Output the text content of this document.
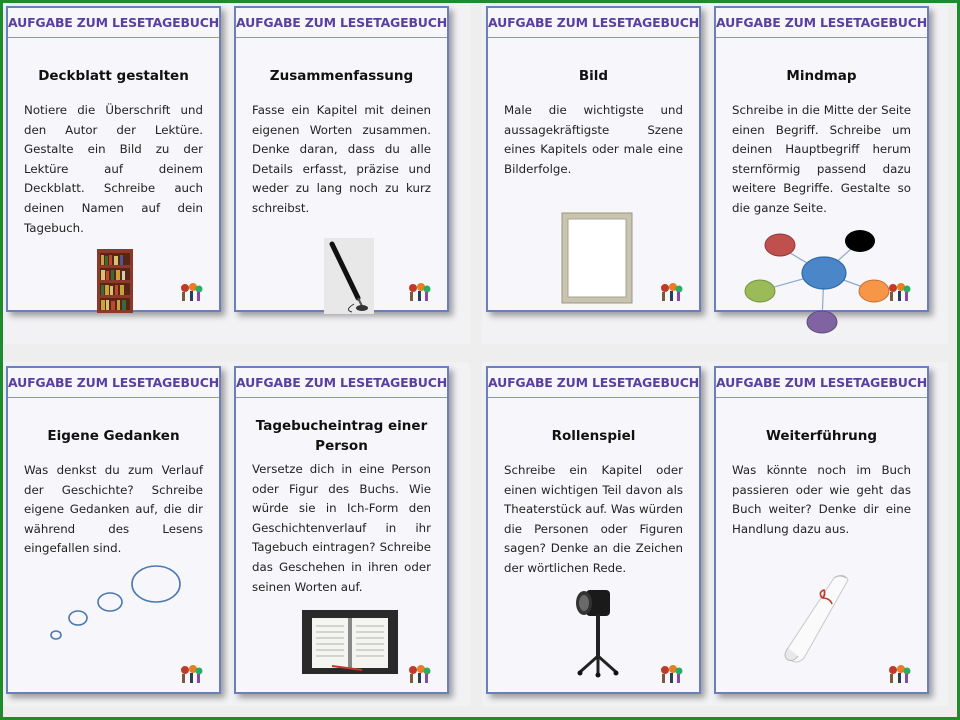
AUFGABE ZUM LESETAGEBUCH
Deckblatt gestalten
Notiere die Überschrift und den Autor der Lektüre. Gestalte ein Bild zu der Lektüre auf deinem Deckblatt. Schreibe auch deinen Namen auf dein Tagebuch.
AUFGABE ZUM LESETAGEBUCH
Zusammenfassung
Fasse ein Kapitel mit deinen eigenen Worten zusammen. Denke daran, dass du alle Details erfasst, präzise und weder zu lang noch zu kurz schreibst.
AUFGABE ZUM LESETAGEBUCH
Bild
Male die wichtigste und aussagekräftigste Szene eines Kapitels oder male eine Bilderfolge.
AUFGABE ZUM LESETAGEBUCH
Mindmap
Schreibe in die Mitte der Seite einen Begriff. Schreibe um deinen Hauptbegriff herum sternförmig passend dazu weitere Begriffe. Gestalte so die ganze Seite.
AUFGABE ZUM LESETAGEBUCH
Eigene Gedanken
Was denkst du zum Verlauf der Geschichte? Schreibe eigene Gedanken auf, die dir während des Lesens eingefallen sind.
AUFGABE ZUM LESETAGEBUCH
Tagebucheintrag einer Person
Versetze dich in eine Person oder Figur des Buchs. Wie würde sie in Ich-Form den Geschichtenverlauf in ihr Tagebuch eintragen? Schreibe das Geschehen in ihren oder seinen Worten auf.
AUFGABE ZUM LESETAGEBUCH
Rollenspiel
Schreibe ein Kapitel oder einen wichtigen Teil davon als Theaterstück auf. Was würden die Personen oder Figuren sagen? Denke an die Zeichen der wörtlichen Rede.
AUFGABE ZUM LESETAGEBUCH
Weiterführung
Was könnte noch im Buch passieren oder wie geht das Buch weiter? Denke dir eine Handlung dazu aus.
